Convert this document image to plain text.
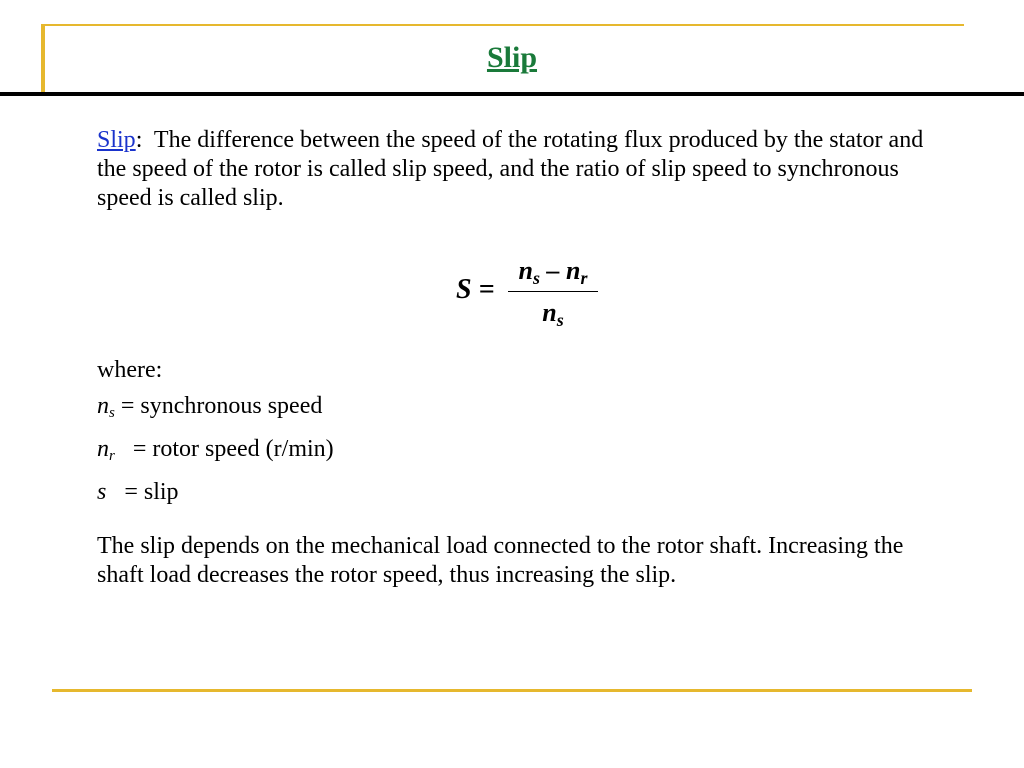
Slip
Slip:  The difference between the speed of the rotating flux produced by the stator and the speed of the rotor is called slip speed, and the ratio of slip speed to synchronous speed is called slip.
S =
ns – nr
ns
where:
ns = synchronous speed
nr   = rotor speed (r/min)
s   = slip
The slip depends on the mechanical load connected to the rotor shaft. Increasing the shaft load decreases the rotor speed, thus increasing the slip.
